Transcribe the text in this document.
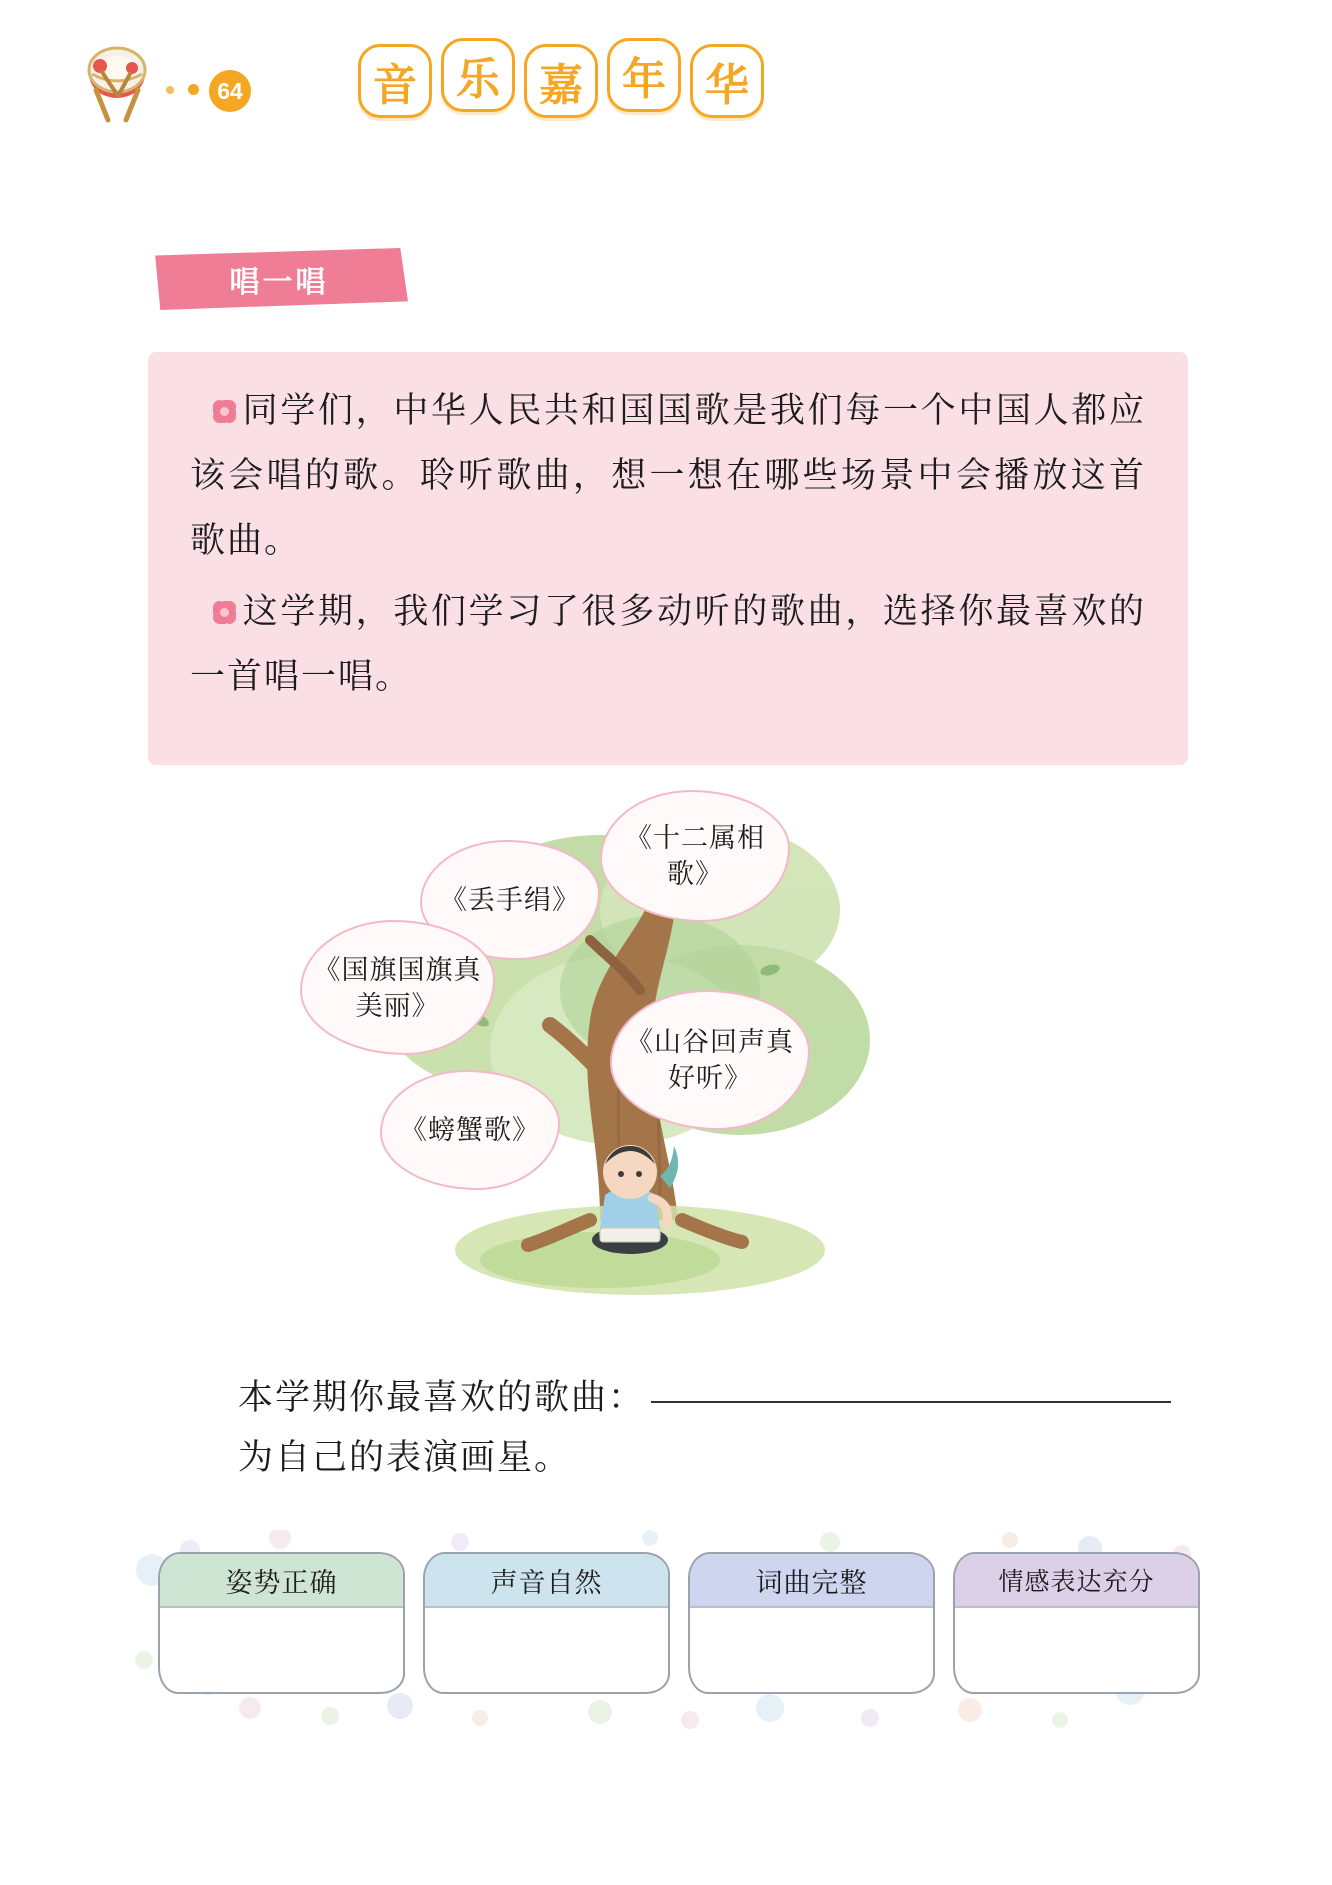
64	音 乐 嘉 年 华
唱一唱

同学们，中华人民共和国国歌是我们每一个中国人都应该会唱的歌。聆听歌曲，想一想在哪些场景中会播放这首歌曲。

这学期，我们学习了很多动听的歌曲，选择你最喜欢的一首唱一唱。

《丢手绢》
《十二属相歌》
《国旗国旗真美丽》
《山谷回声真好听》
《螃蟹歌》
本学期你最喜欢的歌曲：
为自己的表演画星。
姿势正确	声音自然	词曲完整	情感表达充分
